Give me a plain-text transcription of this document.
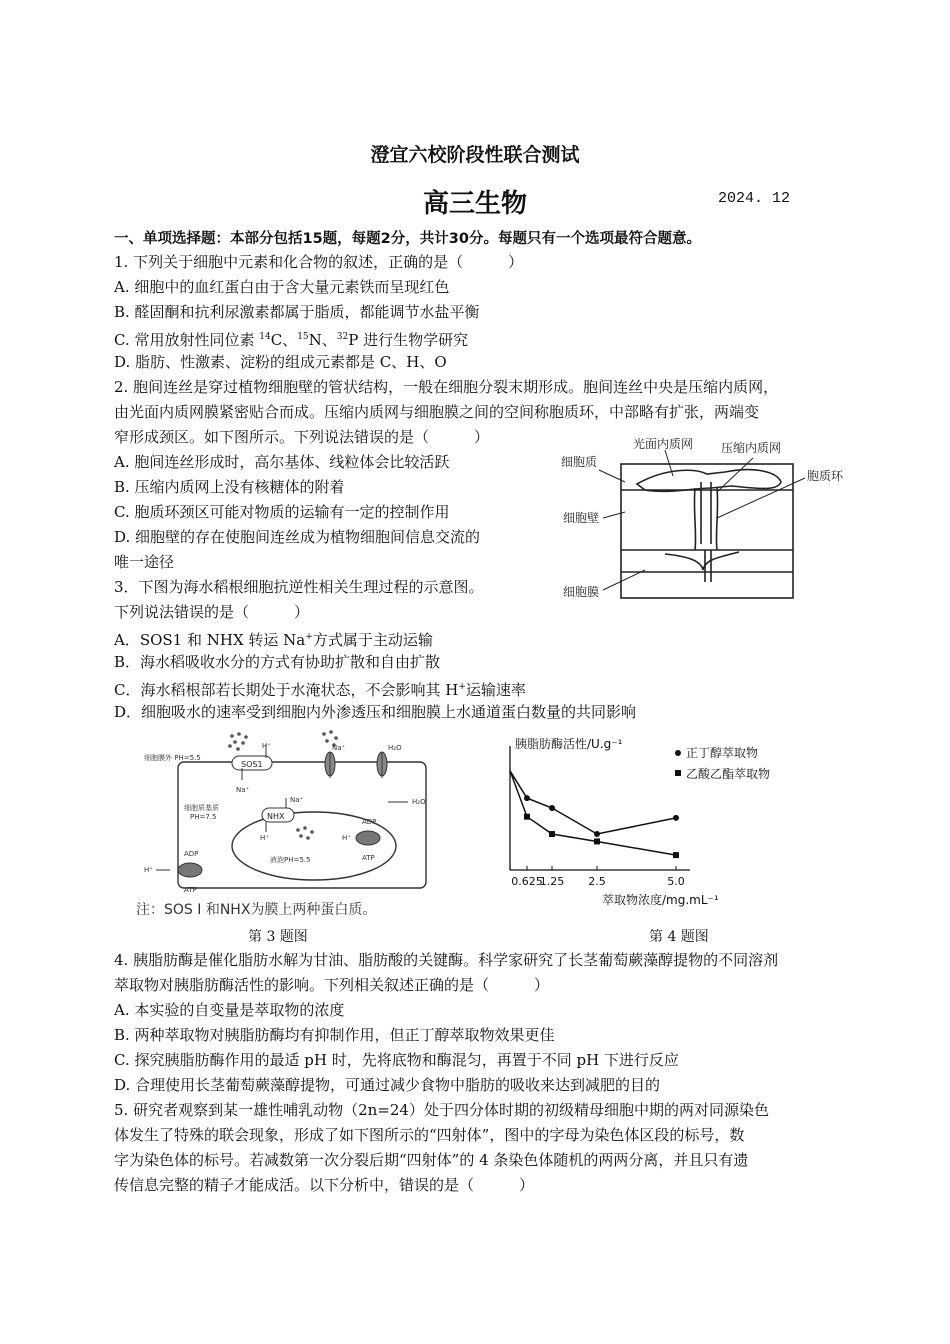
澄宜六校阶段性联合测试
高三生物	2024. 12
一、单项选择题：本部分包括15题，每题2分，共计30分。每题只有一个选项最符合题意。
1. 下列关于细胞中元素和化合物的叙述，正确的是（　　　）
A. 细胞中的血红蛋白由于含大量元素铁而呈现红色
B. 醛固酮和抗利尿激素都属于脂质，都能调节水盐平衡
C. 常用放射性同位素 $^{14}$C、$^{15}$N、$^{32}$P 进行生物学研究
D. 脂肪、性激素、淀粉的组成元素都是 C、H、O
2. 胞间连丝是穿过植物细胞壁的管状结构，一般在细胞分裂末期形成。胞间连丝中央是压缩内质网，
由光面内质网膜紧密贴合而成。压缩内质网与细胞膜之间的空间称胞质环，中部略有扩张，两端变
窄形成颈区。如下图所示。下列说法错误的是（　　　）
A. 胞间连丝形成时，高尔基体、线粒体会比较活跃
B. 压缩内质网上没有核糖体的附着
C. 胞质环颈区可能对物质的运输有一定的控制作用
D. 细胞壁的存在使胞间连丝成为植物细胞间信息交流的
唯一途径
光面内质网 压缩内质网
细胞质
胞质环
细胞壁
细胞膜
3．下图为海水稻根细胞抗逆性相关生理过程的示意图。
下列说法错误的是（　　　）
A．SOS1 和 NHX 转运 Na+方式属于主动运输
B．海水稻吸收水分的方式有协助扩散和自由扩散
C．海水稻根部若长期处于水淹状态，不会影响其 H+运输速率
D．细胞吸水的速率受到细胞内外渗透压和细胞膜上水通道蛋白数量的共同影响
SOS1
NHX
细胞膜外 PH=5.5
细胞质基质
PH=7.5
液泡PH=5.5
H⁺	Na⁺	H₂O
H₂O
Na⁺
H⁺
Na⁺
ADP
ATP
H⁺
ADP
ATP
H⁺
注：SOS Ⅰ 和NHX为膜上两种蛋白质。
胰脂肪酶活性/U.g⁻¹
萃取物浓度/mg.mL⁻¹
正丁醇萃取物
乙酸乙酯萃取物
0.625
1.25 2.5	5.0
第 3 题图	第 4 题图
4. 胰脂肪酶是催化脂肪水解为甘油、脂肪酸的关键酶。科学家研究了长茎葡萄蕨藻醇提物的不同溶剂
萃取物对胰脂肪酶活性的影响。下列相关叙述正确的是（　　　）
A. 本实验的自变量是萃取物的浓度
B. 两种萃取物对胰脂肪酶均有抑制作用，但正丁醇萃取物效果更佳
C. 探究胰脂肪酶作用的最适 pH 时，先将底物和酶混匀，再置于不同 pH 下进行反应
D. 合理使用长茎葡萄蕨藻醇提物，可通过减少食物中脂肪的吸收来达到减肥的目的
5. 研究者观察到某一雄性哺乳动物（2n=24）处于四分体时期的初级精母细胞中期的两对同源染色
体发生了特殊的联会现象，形成了如下图所示的“四射体”，图中的字母为染色体区段的标号，数
字为染色体的标号。若减数第一次分裂后期“四射体”的 4 条染色体随机的两两分离，并且只有遗
传信息完整的精子才能成活。以下分析中，错误的是（　　　）
